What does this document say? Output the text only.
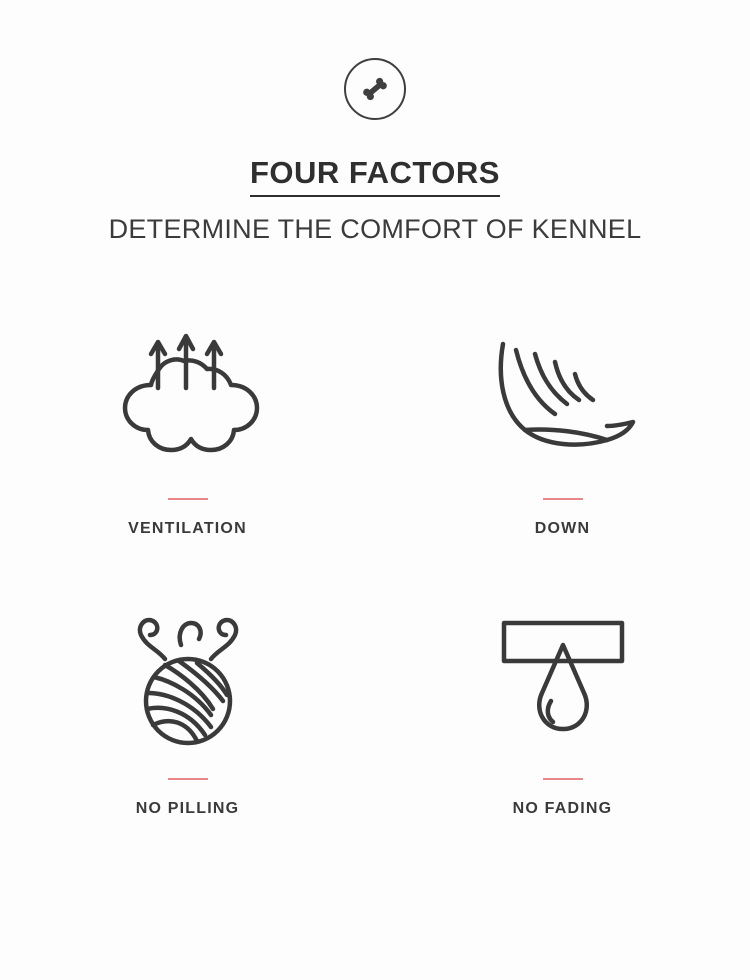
FOUR FACTORS
DETERMINE THE COMFORT OF KENNEL
VENTILATION	DOWN
NO PILLING	NO FADING
